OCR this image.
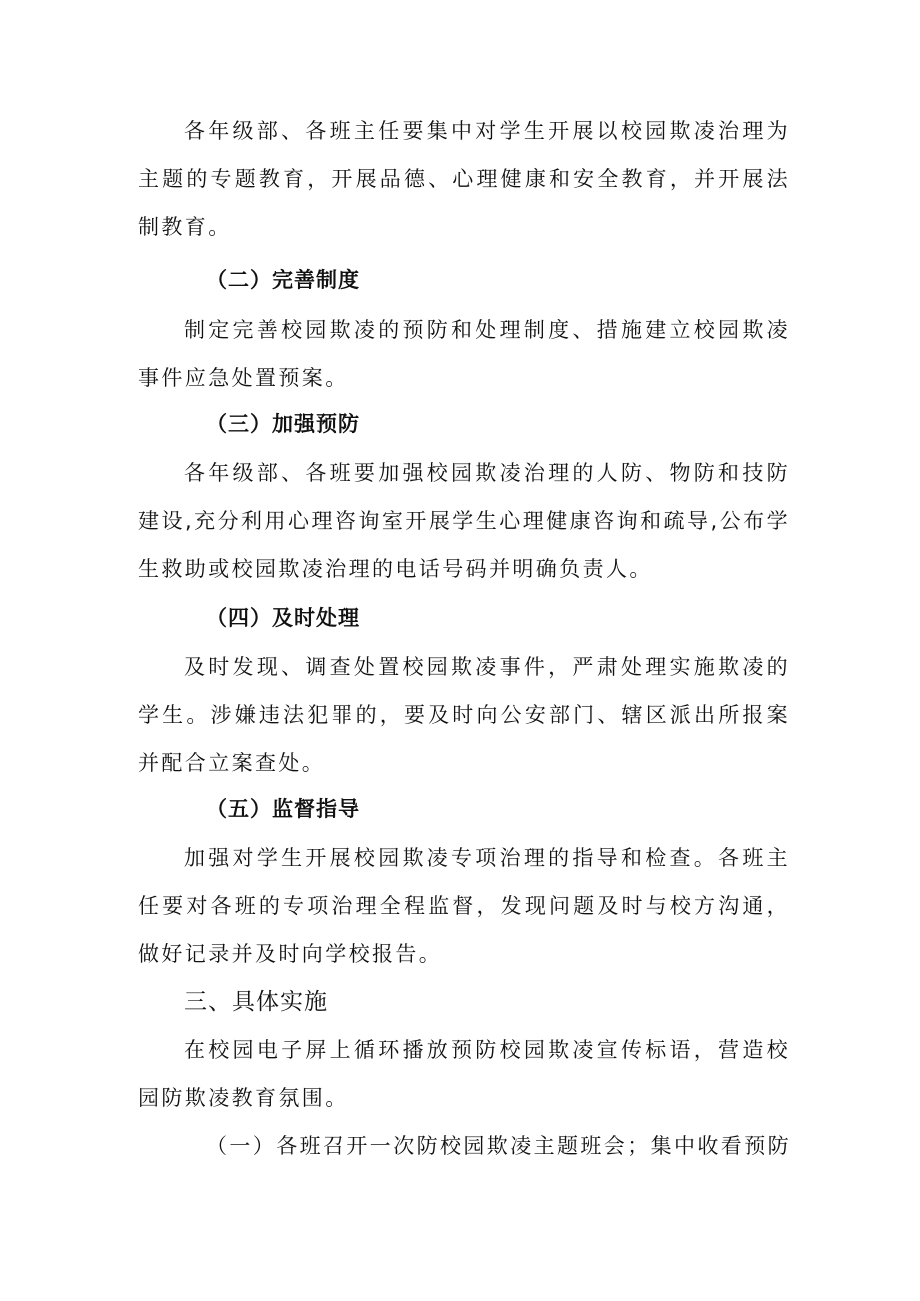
各年级部、各班主任要集中对学生开展以校园欺凌治理为主题的专题教育，开展品德、心理健康和安全教育，并开展法制教育。

（二）完善制度

制定完善校园欺凌的预防和处理制度、措施建立校园欺凌事件应急处置预案。

（三）加强预防

各年级部、各班要加强校园欺凌治理的人防、物防和技防建设,充分利用心理咨询室开展学生心理健康咨询和疏导,公布学生救助或校园欺凌治理的电话号码并明确负责人。

（四）及时处理

及时发现、调查处置校园欺凌事件，严肃处理实施欺凌的学生。涉嫌违法犯罪的，要及时向公安部门、辖区派出所报案并配合立案查处。

（五）监督指导

加强对学生开展校园欺凌专项治理的指导和检查。各班主任要对各班的专项治理全程监督，发现问题及时与校方沟通，做好记录并及时向学校报告。

三、具体实施

在校园电子屏上循环播放预防校园欺凌宣传标语，营造校园防欺凌教育氛围。

（一）各班召开一次防校园欺凌主题班会；集中收看预防
